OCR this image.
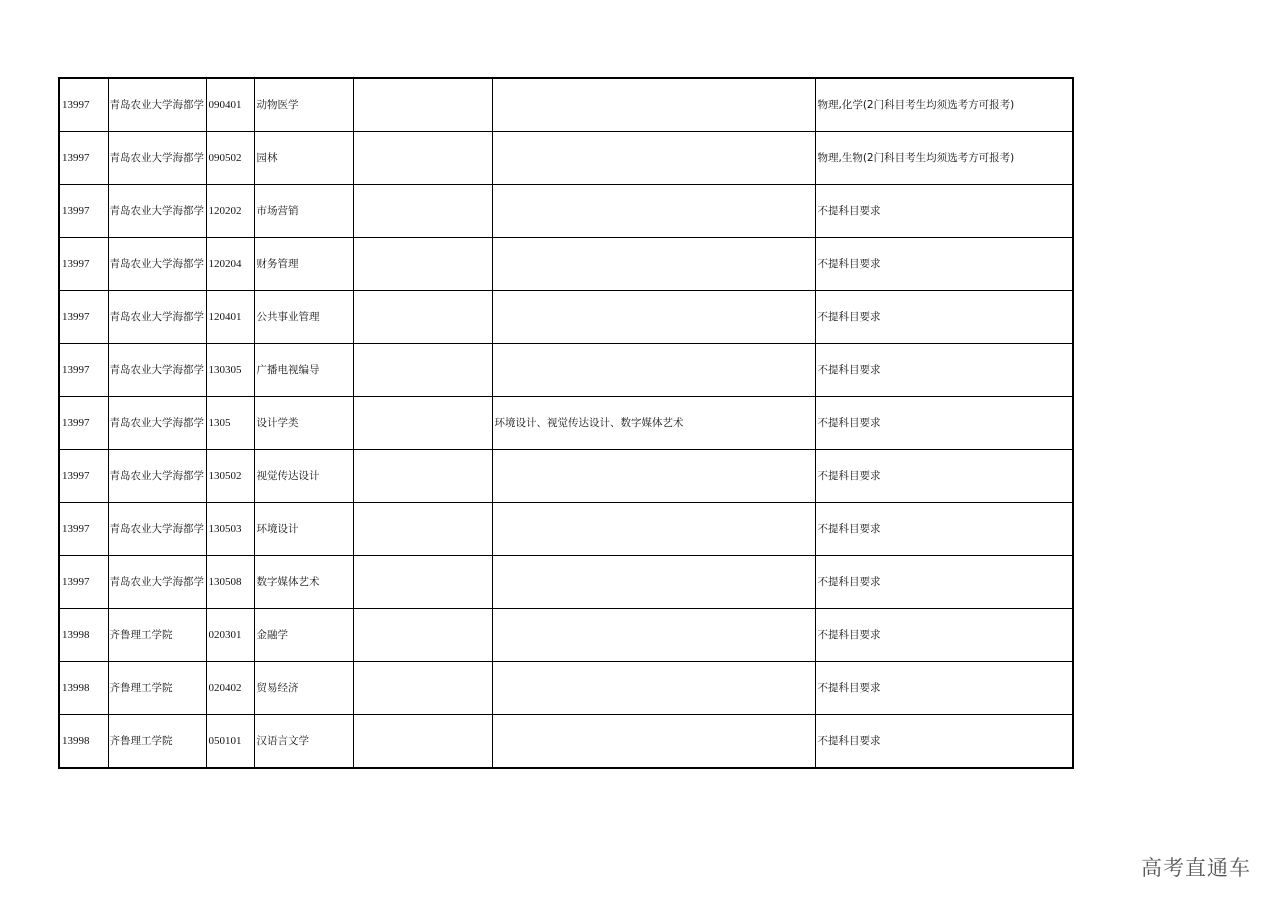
13997	青岛农业大学海都学	090401	动物医学			物理,化学(2门科目考生均须选考方可报考)
13997	青岛农业大学海都学	090502	园林			物理,生物(2门科目考生均须选考方可报考)
13997	青岛农业大学海都学	120202	市场营销			不提科目要求
13997	青岛农业大学海都学	120204	财务管理			不提科目要求
13997	青岛农业大学海都学	120401	公共事业管理			不提科目要求
13997	青岛农业大学海都学	130305	广播电视编导			不提科目要求
13997	青岛农业大学海都学	1305	设计学类		环境设计、视觉传达设计、数字媒体艺术	不提科目要求
13997	青岛农业大学海都学	130502	视觉传达设计			不提科目要求
13997	青岛农业大学海都学	130503	环境设计			不提科目要求
13997	青岛农业大学海都学	130508	数字媒体艺术			不提科目要求
13998	齐鲁理工学院	020301	金融学			不提科目要求
13998	齐鲁理工学院	020402	贸易经济			不提科目要求
13998	齐鲁理工学院	050101	汉语言文学			不提科目要求
高考直通车
